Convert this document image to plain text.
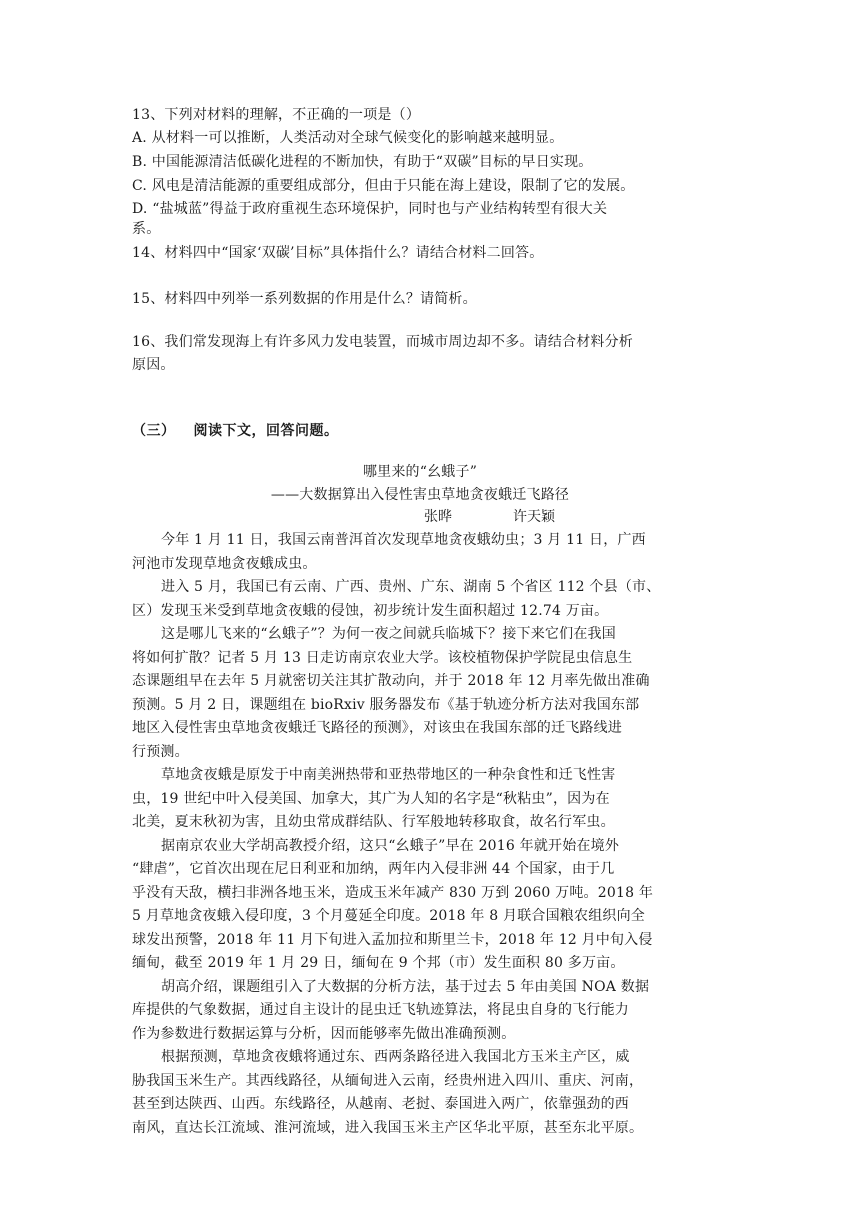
13、下列对材料的理解，不正确的一项是（）
A. 从材料一可以推断，人类活动对全球气候变化的影响越来越明显。
B. 中国能源清洁低碳化进程的不断加快，有助于“双碳”目标的早日实现。
C. 风电是清洁能源的重要组成部分，但由于只能在海上建设，限制了它的发展。
D. “盐城蓝”得益于政府重视生态环境保护，同时也与产业结构转型有很大关
系。
14、材料四中“国家‘双碳’目标”具体指什么？请结合材料二回答。
15、材料四中列举一系列数据的作用是什么？请简析。
16、我们常发现海上有许多风力发电装置，而城市周边却不多。请结合材料分析
原因。
（三） 阅读下文，回答问题。
哪里来的“幺蛾子”
——大数据算出入侵性害虫草地贪夜蛾迁飞路径
张晔	许天颖
今年 1 月 11 日，我国云南普洱首次发现草地贪夜蛾幼虫；3 月 11 日，广西
河池市发现草地贪夜蛾成虫。
进入 5 月，我国已有云南、广西、贵州、广东、湖南 5 个省区 112 个县（市、
区）发现玉米受到草地贪夜蛾的侵蚀，初步统计发生面积超过 12.74 万亩。
这是哪儿飞来的“幺蛾子”？为何一夜之间就兵临城下？接下来它们在我国
将如何扩散？记者 5 月 13 日走访南京农业大学。该校植物保护学院昆虫信息生
态课题组早在去年 5 月就密切关注其扩散动向，并于 2018 年 12 月率先做出准确
预测。5 月 2 日，课题组在 bioRxiv 服务器发布《基于轨迹分析方法对我国东部
地区入侵性害虫草地贪夜蛾迁飞路径的预测》，对该虫在我国东部的迁飞路线进
行预测。
草地贪夜蛾是原发于中南美洲热带和亚热带地区的一种杂食性和迁飞性害
虫，19 世纪中叶入侵美国、加拿大，其广为人知的名字是“秋粘虫”，因为在
北美，夏末秋初为害，且幼虫常成群结队、行军般地转移取食，故名行军虫。
据南京农业大学胡高教授介绍，这只“幺蛾子”早在 2016 年就开始在境外
“肆虐”，它首次出现在尼日利亚和加纳，两年内入侵非洲 44 个国家，由于几
乎没有天敌，横扫非洲各地玉米，造成玉米年减产 830 万到 2060 万吨。2018 年
5 月草地贪夜蛾入侵印度，3 个月蔓延全印度。2018 年 8 月联合国粮农组织向全
球发出预警，2018 年 11 月下旬进入孟加拉和斯里兰卡，2018 年 12 月中旬入侵
缅甸，截至 2019 年 1 月 29 日，缅甸在 9 个邦（市）发生面积 80 多万亩。
胡高介绍，课题组引入了大数据的分析方法，基于过去 5 年由美国 NOA 数据
库提供的气象数据，通过自主设计的昆虫迁飞轨迹算法，将昆虫自身的飞行能力
作为参数进行数据运算与分析，因而能够率先做出准确预测。
根据预测，草地贪夜蛾将通过东、西两条路径进入我国北方玉米主产区，威
胁我国玉米生产。其西线路径，从缅甸进入云南，经贵州进入四川、重庆、河南，
甚至到达陕西、山西。东线路径，从越南、老挝、泰国进入两广，依靠强劲的西
南风，直达长江流域、淮河流域，进入我国玉米主产区华北平原，甚至东北平原。
